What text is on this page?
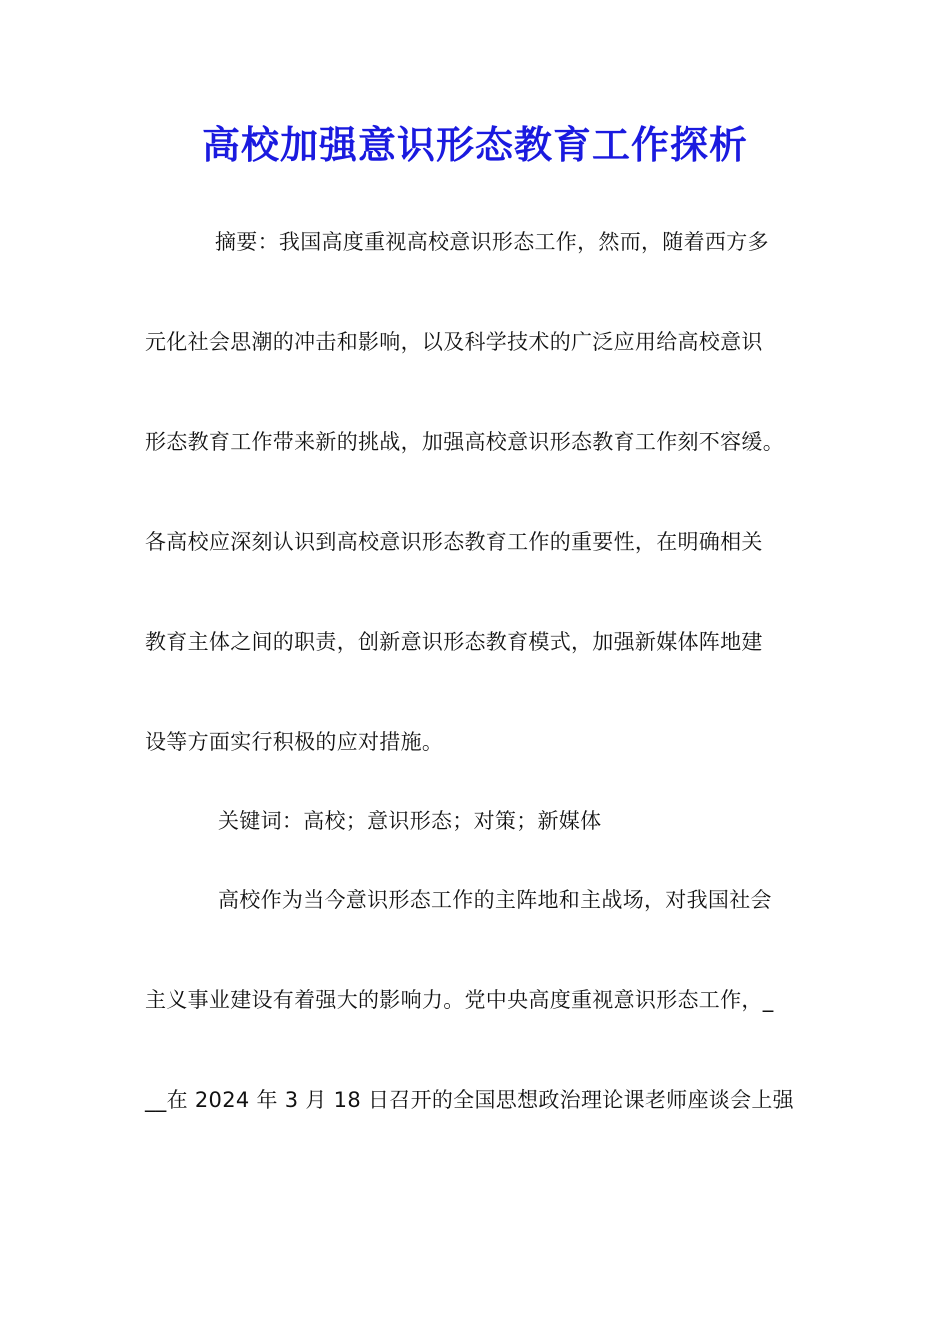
高校加强意识形态教育工作探析
摘要：我国高度重视高校意识形态工作，然而，随着西方多
元化社会思潮的冲击和影响，以及科学技术的广泛应用给高校意识
形态教育工作带来新的挑战，加强高校意识形态教育工作刻不容缓。
各高校应深刻认识到高校意识形态教育工作的重要性，在明确相关
教育主体之间的职责，创新意识形态教育模式，加强新媒体阵地建
设等方面实行积极的应对措施。
关键词：高校；意识形态；对策；新媒体
高校作为当今意识形态工作的主阵地和主战场，对我国社会
主义事业建设有着强大的影响力。党中央高度重视意识形态工作，_
__在 2024 年 3 月 18 日召开的全国思想政治理论课老师座谈会上强
